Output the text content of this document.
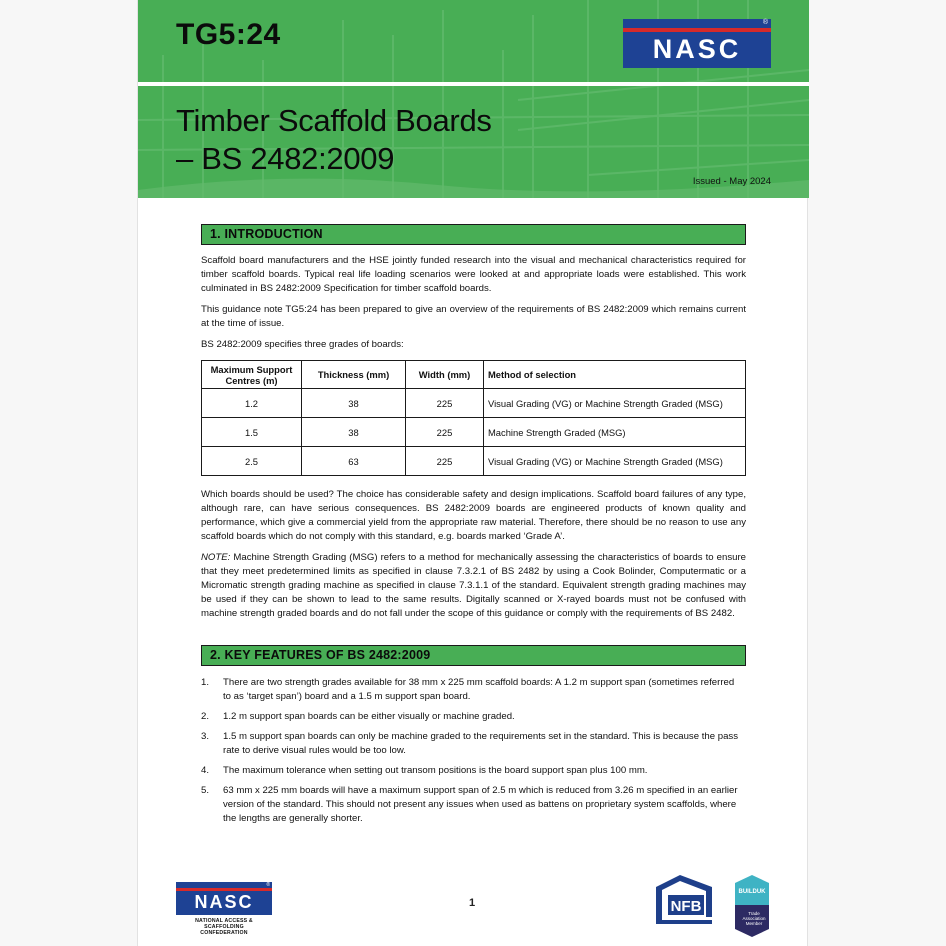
TG5:24
Timber Scaffold Boards
– BS 2482:2009
Issued - May 2024
®
NASC
1. INTRODUCTION

Scaffold board manufacturers and the HSE jointly funded research into the visual and mechanical characteristics required for timber scaffold boards. Typical real life loading scenarios were looked at and appropriate loads were established. This work culminated in BS 2482:2009 Specification for timber scaffold boards.

This guidance note TG5:24 has been prepared to give an overview of the requirements of BS 2482:2009 which remains current at the time of issue.

BS 2482:2009 specifies three grades of boards:

Maximum Support Centres (m)	Thickness (mm)	Width (mm)	Method of selection
1.2	38	225	Visual Grading (VG) or Machine Strength Graded (MSG)
1.5	38	225	Machine Strength Graded (MSG)
2.5	63	225	Visual Grading (VG) or Machine Strength Graded (MSG)

Which boards should be used? The choice has considerable safety and design implications. Scaffold board failures of any type, although rare, can have serious consequences. BS 2482:2009 boards are engineered products of known quality and performance, which give a commercial yield from the appropriate raw material. Therefore, there should be no reason to use any scaffold boards which do not comply with this standard, e.g. boards marked ‘Grade A’.

NOTE: Machine Strength Grading (MSG) refers to a method for mechanically assessing the characteristics of boards to ensure that they meet predetermined limits as specified in clause 7.3.2.1 of BS 2482 by using a Cook Bolinder, Computermatic or a Micromatic strength grading machine as specified in clause 7.3.1.1 of the standard. Equivalent strength grading machines may be used if they can be shown to lead to the same results. Digitally scanned or X-rayed boards must not be confused with machine strength graded boards and do not fall under the scope of this guidance or comply with the requirements of BS 2482.

2. KEY FEATURES OF BS 2482:2009
1. There are two strength grades available for 38 mm x 225 mm scaffold boards: A 1.2 m support span (sometimes referred to as ‘target span’) board and a 1.5 m support span board.
2. 1.2 m support span boards can be either visually or machine graded.
3. 1.5 m support span boards can only be machine graded to the requirements set in the standard. This is because the pass rate to derive visual rules would be too low.
4. The maximum tolerance when setting out transom positions is the board support span plus 100 mm.
5. 63 mm x 225 mm boards will have a maximum support span of 2.5 m which is reduced from 3.26 m specified in an earlier version of the standard. This should not present any issues when used as battens on proprietary system scaffolds, where the lengths are generally shorter.
®
NASC
NATIONAL ACCESS & SCAFFOLDING
CONFEDERATION
1	NFB
BUILDUK
Trade
Association
Member
